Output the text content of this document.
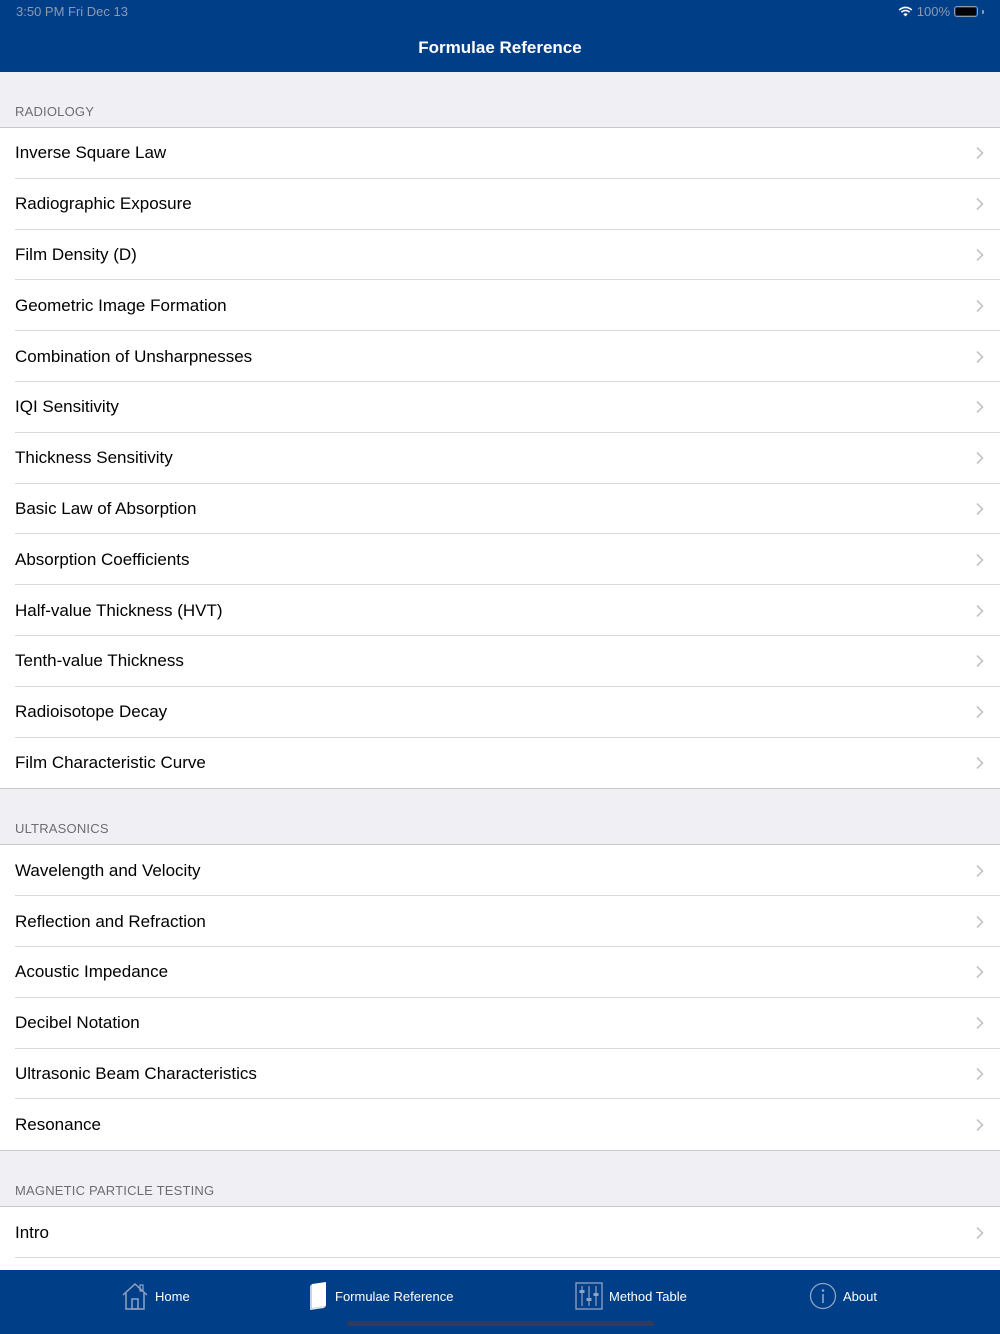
3:50 PM Fri Dec 13	100%
Formulae Reference
RADIOLOGY
Inverse Square Law
Radiographic Exposure
Film Density (D)
Geometric Image Formation
Combination of Unsharpnesses
IQI Sensitivity
Thickness Sensitivity
Basic Law of Absorption
Absorption Coefficients
Half-value Thickness (HVT)
Tenth-value Thickness
Radioisotope Decay
Film Characteristic Curve
ULTRASONICS
Wavelength and Velocity
Reflection and Refraction
Acoustic Impedance
Decibel Notation
Ultrasonic Beam Characteristics
Resonance
MAGNETIC PARTICLE TESTING
Intro
Home	Formulae Reference	Method Table	About
